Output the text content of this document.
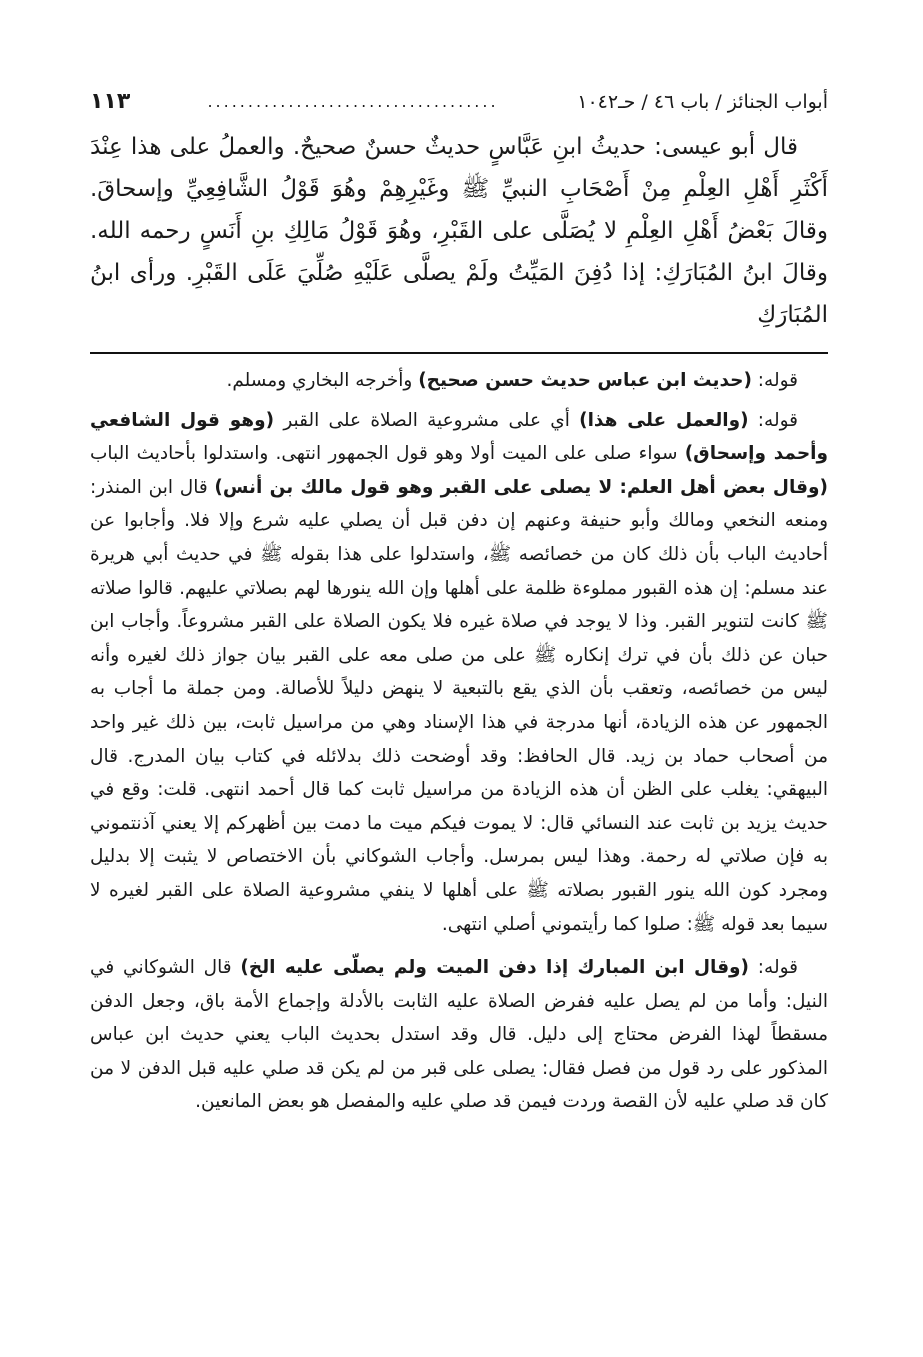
أبواب الجنائز / باب ٤٦ / حـ١٠٤٢
....................................
١١٣

قال أبو عيسى: حديثُ ابنِ عَبَّاسٍ حديثٌ حسنٌ صحيحٌ. والعملُ على هذا عِنْدَ أَكْثَرِ أَهْلِ العِلْمِ مِنْ أَصْحَابِ النبيِّ ﷺ وغَيْرِهِمْ وهُوَ قَوْلُ الشَّافِعِيِّ وإسحاقَ. وقالَ بَعْضُ أَهْلِ العِلْمِ لا يُصَلَّى على القَبْرِ، وهُوَ قَوْلُ مَالِكِ بنِ أَنَسٍ رحمه الله. وقالَ ابنُ المُبَارَكِ: إذا دُفِنَ المَيِّتُ ولَمْ يصلَّى عَلَيْهِ صُلِّيَ عَلَى القَبْرِ. ورأى ابنُ المُبَارَكِ

قوله: (حديث ابن عباس حديث حسن صحيح) وأخرجه البخاري ومسلم.

قوله: (والعمل على هذا) أي على مشروعية الصلاة على القبر (وهو قول الشافعي وأحمد وإسحاق) سواء صلى على الميت أولا وهو قول الجمهور انتهى. واستدلوا بأحاديث الباب (وقال بعض أهل العلم: لا يصلى على القبر وهو قول مالك بن أنس) قال ابن المنذر: ومنعه النخعي ومالك وأبو حنيفة وعنهم إن دفن قبل أن يصلي عليه شرع وإلا فلا. وأجابوا عن أحاديث الباب بأن ذلك كان من خصائصه ﷺ، واستدلوا على هذا بقوله ﷺ في حديث أبي هريرة عند مسلم: إن هذه القبور مملوءة ظلمة على أهلها وإن الله ينورها لهم بصلاتي عليهم. قالوا صلاته ﷺ كانت لتنوير القبر. وذا لا يوجد في صلاة غيره فلا يكون الصلاة على القبر مشروعاً. وأجاب ابن حبان عن ذلك بأن في ترك إنكاره ﷺ على من صلى معه على القبر بيان جواز ذلك لغيره وأنه ليس من خصائصه، وتعقب بأن الذي يقع بالتبعية لا ينهض دليلاً للأصالة. ومن جملة ما أجاب به الجمهور عن هذه الزيادة، أنها مدرجة في هذا الإسناد وهي من مراسيل ثابت، بين ذلك غير واحد من أصحاب حماد بن زيد. قال الحافظ: وقد أوضحت ذلك بدلائله في كتاب بيان المدرج. قال البيهقي: يغلب على الظن أن هذه الزيادة من مراسيل ثابت كما قال أحمد انتهى. قلت: وقع في حديث يزيد بن ثابت عند النسائي قال: لا يموت فيكم ميت ما دمت بين أظهركم إلا يعني آذنتموني به فإن صلاتي له رحمة. وهذا ليس بمرسل. وأجاب الشوكاني بأن الاختصاص لا يثبت إلا بدليل ومجرد كون الله ينور القبور بصلاته ﷺ على أهلها لا ينفي مشروعية الصلاة على القبر لغيره لا سيما بعد قوله ﷺ: صلوا كما رأيتموني أصلي انتهى.

قوله: (وقال ابن المبارك إذا دفن الميت ولم يصلّى عليه الخ) قال الشوكاني في النيل: وأما من لم يصل عليه ففرض الصلاة عليه الثابت بالأدلة وإجماع الأمة باق، وجعل الدفن مسقطاً لهذا الفرض محتاج إلى دليل. قال وقد استدل بحديث الباب يعني حديث ابن عباس المذكور على رد قول من فصل فقال: يصلى على قبر من لم يكن قد صلي عليه قبل الدفن لا من كان قد صلي عليه لأن القصة وردت فيمن قد صلي عليه والمفصل هو بعض المانعين.
